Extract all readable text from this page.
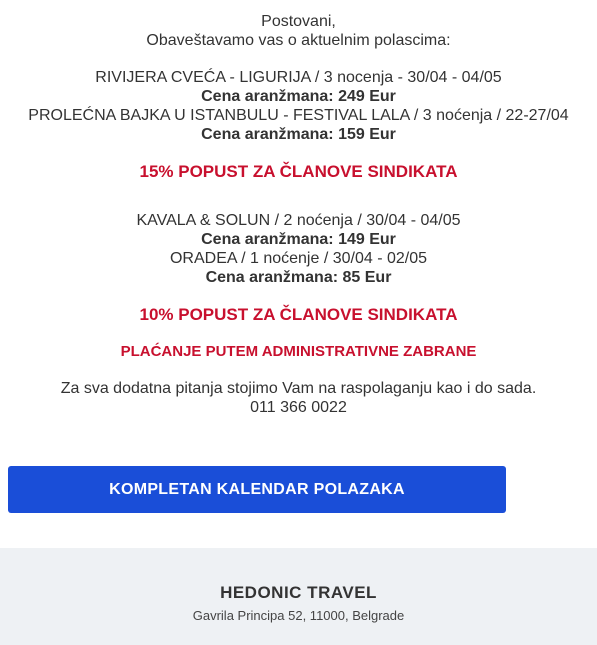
Postovani,
Obaveštavamo vas o aktuelnim polascima:
RIVIJERA CVEĆA - LIGURIJA / 3 nocenja - 30/04 - 04/05
Cena aranžmana: 249 Eur
PROLEĆNA BAJKA U ISTANBULU - FESTIVAL LALA / 3 noćenja / 22-27/04
Cena aranžmana: 159 Eur
15% POPUST ZA ČLANOVE SINDIKATA
KAVALA & SOLUN / 2 noćenja / 30/04 - 04/05
Cena aranžmana: 149 Eur
ORADEA / 1 noćenje / 30/04 - 02/05
Cena aranžmana: 85 Eur
10% POPUST ZA ČLANOVE SINDIKATA
PLAĆANJE PUTEM ADMINISTRATIVNE ZABRANE
Za sva dodatna pitanja stojimo Vam na raspolaganju kao i do sada.
011 366 0022
KOMPLETAN KALENDAR POLAZAKA
HEDONIC TRAVEL
Gavrila Principa 52, 11000, Belgrade
